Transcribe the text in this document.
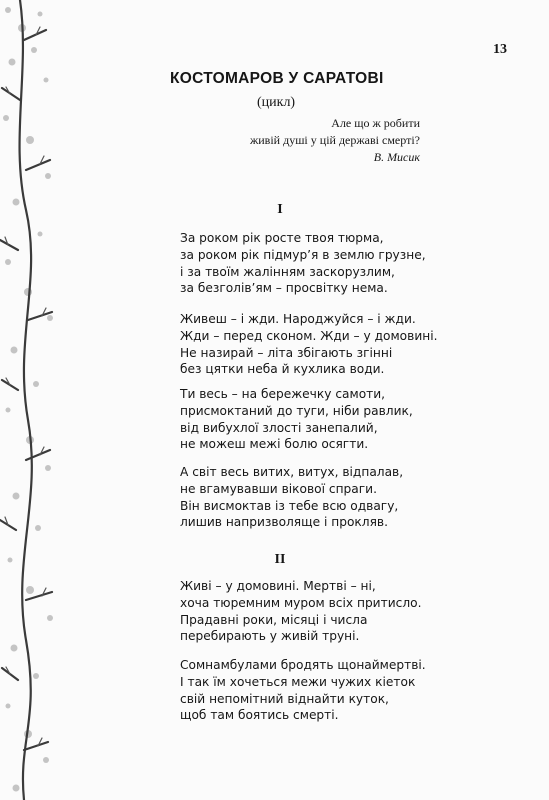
13
КОСТОМАРОВ У САРАТОВІ
(цикл)
Але що ж робити
живій душі у цій державі смерті?
В. Мисик
I
За роком рік росте твоя тюрма,
за роком рік підмур’я в землю грузне,
і за твоїм жалінням заскорузлим,
за безголів’ям – просвітку нема.
Живеш – і жди. Народжуйся – і жди.
Жди – перед сконом. Жди – у домовині.
Не назирай – літа збігають згінні
без цятки неба й кухлика води.
Ти весь – на бережечку самоти,
присмоктаний до туги, ніби равлик,
від вибухлої злості занепалий,
не можеш межі болю осягти.
А світ весь витих, витух, відпалав,
не вгамувавши вікової спраги.
Він висмоктав із тебе всю одвагу,
лишив напризволяще і прокляв.
II
Живі – у домовині. Мертві – ні,
хоча тюремним муром всіх притисло.
Прадавні роки, місяці і числа
перебирають у живій труні.
Сомнамбулами бродять щонаймертві.
І так їм хочеться межи чужих кіеток
свій непомітний віднайти куток,
щоб там боятись смерті.
